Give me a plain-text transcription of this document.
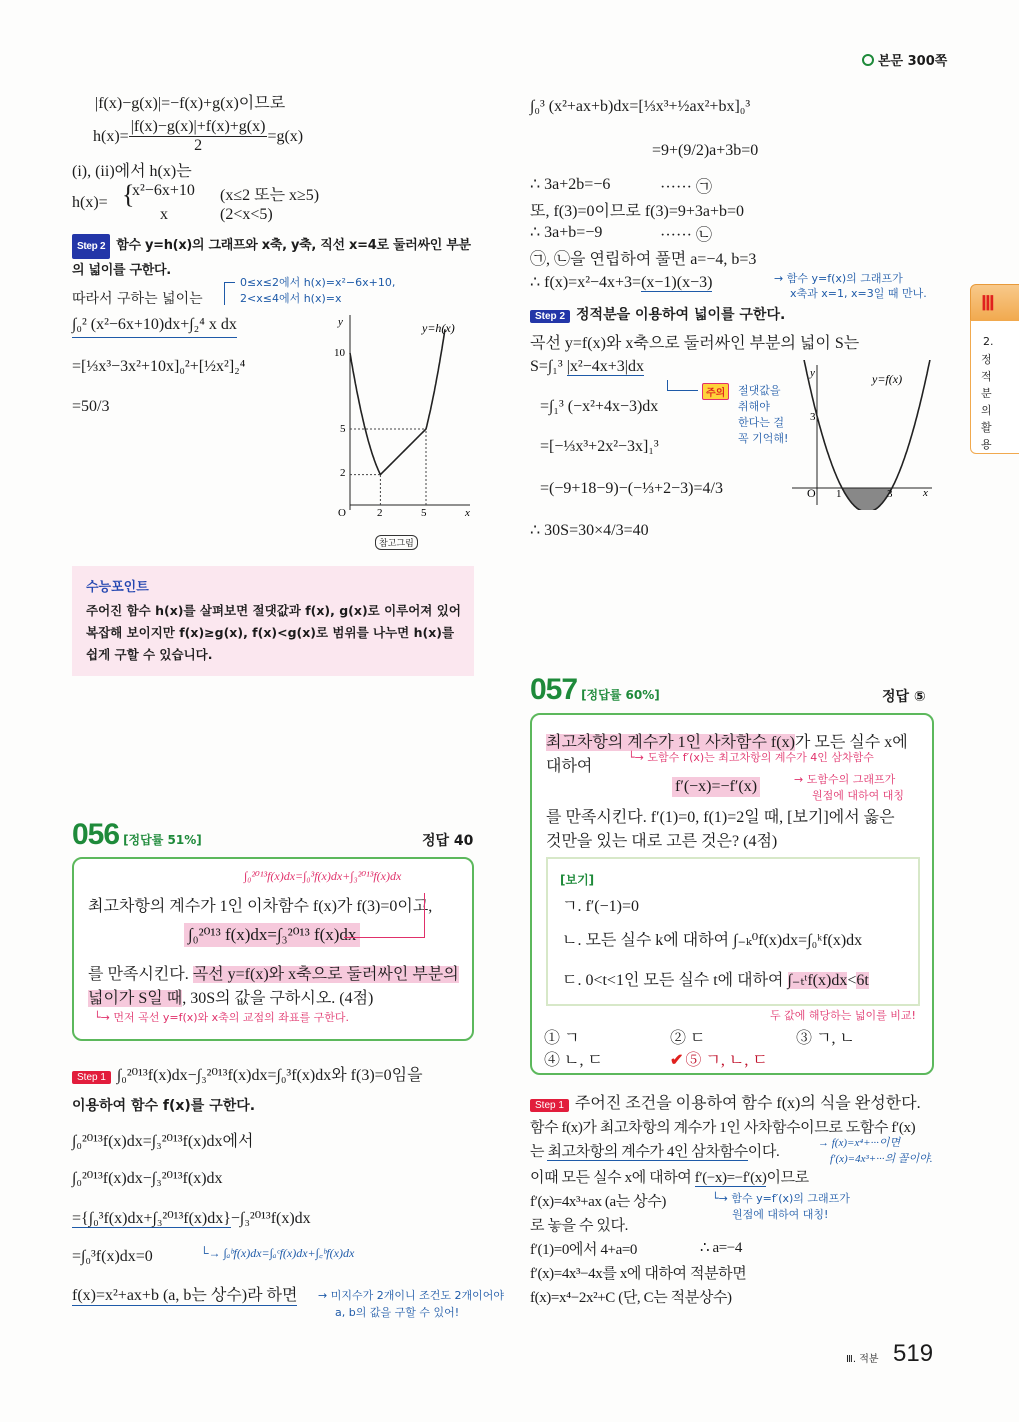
본문 300쪽
Ⅲ
2.
정적분의 활용
|f(x)−g(x)|=−f(x)+g(x)이므로
$h(x)= \frac{|f(x)-g(x)|+f(x)+g(x)}{2} =g(x)$
(i), (ii)에서 h(x)는
h(x)= {
x²−6x+10 (x≤2 또는 x≥5)
x	(2<x<5)
Step 2 함수 y=h(x)의 그래프와 x축, y축, 직선 x=4로 둘러싸인 부분의 넓이를 구한다.
0≤x≤2에서 h(x)=x²−6x+10,
2<x≤4에서 h(x)=x
따라서 구하는 넓이는
∫₀² (x²−6x+10)dx+∫₂⁴ x dx
=[⅓x³−3x²+10x]₀²+[½x²]₂⁴
=50/3
y
x
O
y=h(x)
2	5
10
5
2
참고그림
수능포인트
주어진 함수 h(x)를 살펴보면 절댓값과 f(x), g(x)로 이루어져 있어
복잡해 보이지만 f(x)≥g(x), f(x)<g(x)로 범위를 나누면 h(x)를
쉽게 구할 수 있습니다.
056 [정답률 51%]	정답 40
∫₀²⁰¹³f(x)dx=∫₀³f(x)dx+∫₃²⁰¹³f(x)dx
최고차항의 계수가 1인 이차함수 f(x)가 f(3)=0이고,
∫₀²⁰¹³ f(x)dx=∫₃²⁰¹³ f(x)dx
를 만족시킨다. 곡선 y=f(x)와 x축으로 둘러싸인 부분의
넓이가 S일 때, 30S의 값을 구하시오. (4점)
└→ 먼저 곡선 y=f(x)와 x축의 교점의 좌표를 구한다.
Step 1 ∫₀²⁰¹³f(x)dx−∫₃²⁰¹³f(x)dx=∫₀³f(x)dx와 f(3)=0임을
이용하여 함수 f(x)를 구한다.
∫₀²⁰¹³f(x)dx=∫₃²⁰¹³f(x)dx에서
∫₀²⁰¹³f(x)dx−∫₃²⁰¹³f(x)dx
={∫₀³f(x)dx+∫₃²⁰¹³f(x)dx}−∫₃²⁰¹³f(x)dx
=∫₀³f(x)dx=0	└→ ∫ₐᵇf(x)dx=∫ₐᶜf(x)dx+∫꜀ᵇf(x)dx
f(x)=x²+ax+b (a, b는 상수)라 하면 → 미지수가 2개이니 조건도 2개이어야
a, b의 값을 구할 수 있어!
∫₀³ (x²+ax+b)dx=[⅓x³+½ax²+bx]₀³
=9+(9/2)a+3b=0
∴ 3a+2b=−6	······ ㉠
또, f(3)=0이므로 f(3)=9+3a+b=0
∴ 3a+b=−9	······ ㉡
㉠, ㉡을 연립하여 풀면 a=−4, b=3
∴ f(x)=x²−4x+3=(x−1)(x−3)	→ 함수 y=f(x)의 그래프가
x축과 x=1, x=3일 때 만나.
Step 2 정적분을 이용하여 넓이를 구한다.
곡선 y=f(x)와 x축으로 둘러싸인 부분의 넓이 S는
S=∫₁³ |x²−4x+3|dx
주의	절댓값을
취해야
한다는 걸
꼭 기억해!
=∫₁³ (−x²+4x−3)dx
=[−⅓x³+2x²−3x]₁³
=(−9+18−9)−(−⅓+2−3)=4/3
∴ 30S=30×4/3=40
y
x
O
y=f(x)
1	3
3
057 [정답률 60%]	정답 ⑤
최고차항의 계수가 1인 사차함수 f(x)가 모든 실수 x에
대하여
└→ 도함수 f′(x)는 최고차항의 계수가 4인 삼차함수
f′(−x)=−f′(x)	→ 도함수의 그래프가
원점에 대하여 대칭
를 만족시킨다. f′(1)=0, f(1)=2일 때, [보기]에서 옳은
것만을 있는 대로 고른 것은? (4점)
[보기]
ㄱ. f′(−1)=0
ㄴ. 모든 실수 k에 대하여 ∫₋ₖ⁰f(x)dx=∫₀ᵏf(x)dx
ㄷ. 0<t<1인 모든 실수 t에 대하여 ∫₋ₜᵗf(x)dx<6t
두 값에 해당하는 넓이를 비교!
① ㄱ	② ㄷ	③ ㄱ, ㄴ
④ ㄴ, ㄷ	✔ ⑤ ㄱ, ㄴ, ㄷ
Step 1 주어진 조건을 이용하여 함수 f(x)의 식을 완성한다.
함수 f(x)가 최고차항의 계수가 1인 사차함수이므로 도함수 f′(x)
는 최고차항의 계수가 4인 삼차함수이다.
→ f(x)=x⁴+···이면
f′(x)=4x³+···의 꼴이야.
이때 모든 실수 x에 대하여 f′(−x)=−f′(x)이므로
f′(x)=4x³+ax (a는 상수)	└→ 함수 y=f′(x)의 그래프가
원점에 대하여 대칭!
로 놓을 수 있다.
f′(1)=0에서 4+a=0	∴ a=−4
f′(x)=4x³−4x를 x에 대하여 적분하면
f(x)=x⁴−2x²+C (단, C는 적분상수)
Ⅲ. 적분 519
